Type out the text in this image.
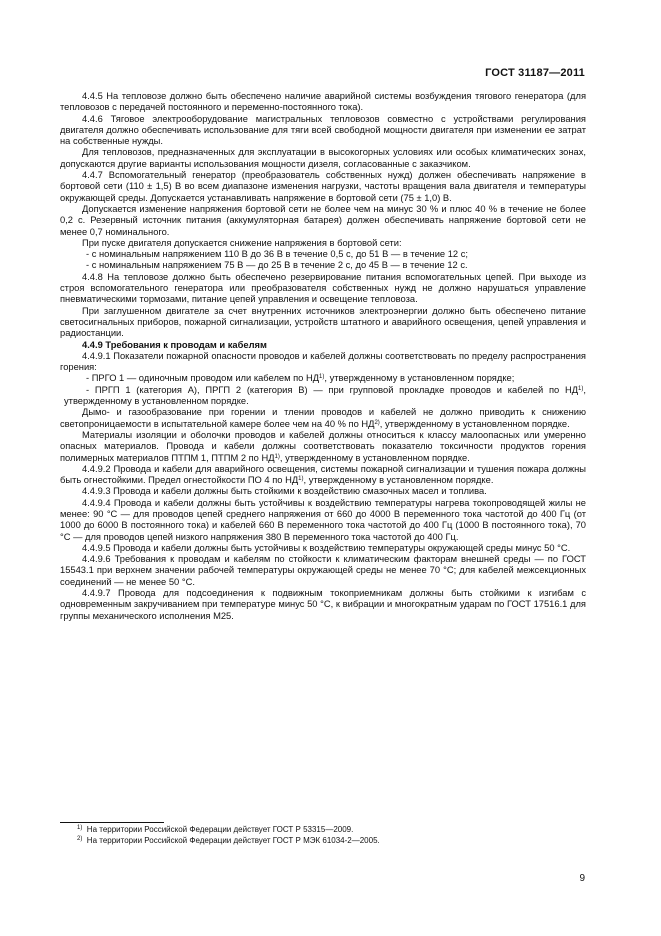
ГОСТ 31187—2011

4.4.5 На тепловозе должно быть обеспечено наличие аварийной системы возбуждения тягового генератора (для тепловозов с передачей постоянного и переменно-постоянного тока).

4.4.6 Тяговое электрооборудование магистральных тепловозов совместно с устройствами регулирования двигателя должно обеспечивать использование для тяги всей свободной мощности двигателя при изменении ее затрат на собственные нужды.

Для тепловозов, предназначенных для эксплуатации в высокогорных условиях или особых климатических зонах, допускаются другие варианты использования мощности дизеля, согласованные с заказчиком.

4.4.7 Вспомогательный генератор (преобразователь собственных нужд) должен обеспечивать напряжение в бортовой сети (110 ± 1,5) В во всем диапазоне изменения нагрузки, частоты вращения вала двигателя и температуры окружающей среды. Допускается устанавливать напряжение в бортовой сети (75 ± 1,0) В.

Допускается изменение напряжения бортовой сети не более чем на минус 30 % и плюс 40 % в течение не более 0,2 с. Резервный источник питания (аккумуляторная батарея) должен обеспечивать напряжение бортовой сети не менее 0,7 номинального.

При пуске двигателя допускается снижение напряжения в бортовой сети:

- с номинальным напряжением 110 В до 36 В в течение 0,5 с, до 51 В — в течение 12 с;

- с номинальным напряжением 75 В — до 25 В в течение 2 с, до 45 В — в течение 12 с.

4.4.8 На тепловозе должно быть обеспечено резервирование питания вспомогательных цепей. При выходе из строя вспомогательного генератора или преобразователя собственных нужд не должно нарушаться управление пневматическими тормозами, питание цепей управления и освещение тепловоза.

При заглушенном двигателе за счет внутренних источников электроэнергии должно быть обеспечено питание светосигнальных приборов, пожарной сигнализации, устройств штатного и аварийного освещения, цепей управления и радиостанции.

4.4.9 Требования к проводам и кабелям

4.4.9.1 Показатели пожарной опасности проводов и кабелей должны соответствовать по пределу распространения горения:

- ПРГО 1 — одиночным проводом или кабелем по НД$^{1)}$, утвержденному в установленном порядке;

- ПРГП 1 (категория А), ПРГП 2 (категория В) — при групповой прокладке проводов и кабелей по НД$^{1)}$, утвержденному в установленном порядке.

Дымо- и газообразование при горении и тлении проводов и кабелей не должно приводить к снижению светопроницаемости в испытательной камере более чем на 40 % по НД$^{2)}$, утвержденному в установленном порядке.

Материалы изоляции и оболочки проводов и кабелей должны относиться к классу малоопасных или умеренно опасных материалов. Провода и кабели должны соответствовать показателю токсичности продуктов горения полимерных материалов ПТПМ 1, ПТПМ 2 по НД$^{1)}$, утвержденному в установленном порядке.

4.4.9.2 Провода и кабели для аварийного освещения, системы пожарной сигнализации и тушения пожара должны быть огнестойкими. Предел огнестойкости ПО 4 по НД$^{1)}$, утвержденному в установленном порядке.

4.4.9.3 Провода и кабели должны быть стойкими к воздействию смазочных масел и топлива.

4.4.9.4 Провода и кабели должны быть устойчивы к воздействию температуры нагрева токопроводящей жилы не менее: 90 °С — для проводов цепей среднего напряжения от 660 до 4000 В переменного тока частотой до 400 Гц (от 1000 до 6000 В постоянного тока) и кабелей 660 В переменного тока частотой до 400 Гц (1000 В постоянного тока), 70 °С — для проводов цепей низкого напряжения 380 В переменного тока частотой до 400 Гц.

4.4.9.5 Провода и кабели должны быть устойчивы к воздействию температуры окружающей среды минус 50 °С.

4.4.9.6 Требования к проводам и кабелям по стойкости к климатическим факторам внешней среды — по ГОСТ 15543.1 при верхнем значении рабочей температуры окружающей среды не менее 70 °С; для кабелей межсекционных соединений — не менее 50 °С.

4.4.9.7 Провода для подсоединения к подвижным токоприемникам должны быть стойкими к изгибам с одновременным закручиванием при температуре минус 50 °С, к вибрации и многократным ударам по ГОСТ 17516.1 для группы механического исполнения М25.

$^{1)}$ На территории Российской Федерации действует ГОСТ Р 53315—2009.
$^{2)}$ На территории Российской Федерации действует ГОСТ Р МЭК 61034-2—2005.
9
